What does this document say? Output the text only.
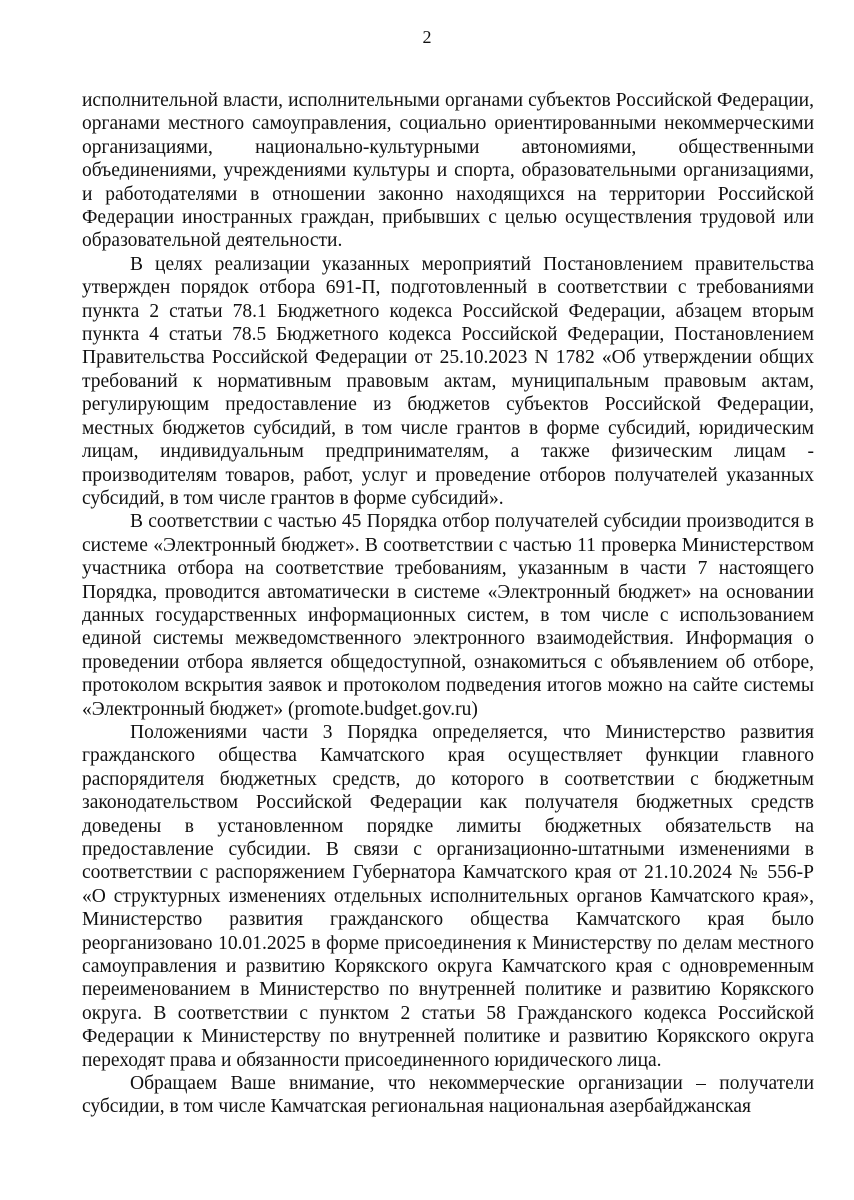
2

исполнительной власти, исполнительными органами субъектов Российской Федерации, органами местного самоуправления, социально ориентированными некоммерческими организациями, национально-культурными автономиями, общественными объединениями, учреждениями культуры и спорта, образовательными организациями, и работодателями в отношении законно находящихся на территории Российской Федерации иностранных граждан, прибывших с целью осуществления трудовой или образовательной деятельности.

В целях реализации указанных мероприятий Постановлением правительства утвержден порядок отбора 691-П, подготовленный в соответствии с требованиями пункта 2 статьи 78.1 Бюджетного кодекса Российской Федерации, абзацем вторым пункта 4 статьи 78.5 Бюджетного кодекса Российской Федерации, Постановлением Правительства Российской Федерации от 25.10.2023 N 1782 «Об утверждении общих требований к нормативным правовым актам, муниципальным правовым актам, регулирующим предоставление из бюджетов субъектов Российской Федерации, местных бюджетов субсидий, в том числе грантов в форме субсидий, юридическим лицам, индивидуальным предпринимателям, а также физическим лицам - производителям товаров, работ, услуг и проведение отборов получателей указанных субсидий, в том числе грантов в форме субсидий».

В соответствии с частью 45 Порядка отбор получателей субсидии производится в системе «Электронный бюджет». В соответствии с частью 11 проверка Министерством участника отбора на соответствие требованиям, указанным в части 7 настоящего Порядка, проводится автоматически в системе «Электронный бюджет» на основании данных государственных информационных систем, в том числе с использованием единой системы межведомственного электронного взаимодействия. Информация о проведении отбора является общедоступной, ознакомиться с объявлением об отборе, протоколом вскрытия заявок и протоколом подведения итогов можно на сайте системы «Электронный бюджет» (promote.budget.gov.ru)

Положениями части 3 Порядка определяется, что Министерство развития гражданского общества Камчатского края осуществляет функции главного распорядителя бюджетных средств, до которого в соответствии с бюджетным законодательством Российской Федерации как получателя бюджетных средств доведены в установленном порядке лимиты бюджетных обязательств на предоставление субсидии. В связи с организационно-штатными изменениями в соответствии с распоряжением Губернатора Камчатского края от 21.10.2024 № 556-Р «О структурных изменениях отдельных исполнительных органов Камчатского края», Министерство развития гражданского общества Камчатского края было реорганизовано 10.01.2025 в форме присоединения к Министерству по делам местного самоуправления и развитию Корякского округа Камчатского края с одновременным переименованием в Министерство по внутренней политике и развитию Корякского округа. В соответствии с пунктом 2 статьи 58 Гражданского кодекса Российской Федерации к Министерству по внутренней политике и развитию Корякского округа переходят права и обязанности присоединенного юридического лица.

Обращаем Ваше внимание, что некоммерческие организации – получатели субсидии, в том числе Камчатская региональная национальная азербайджанская
